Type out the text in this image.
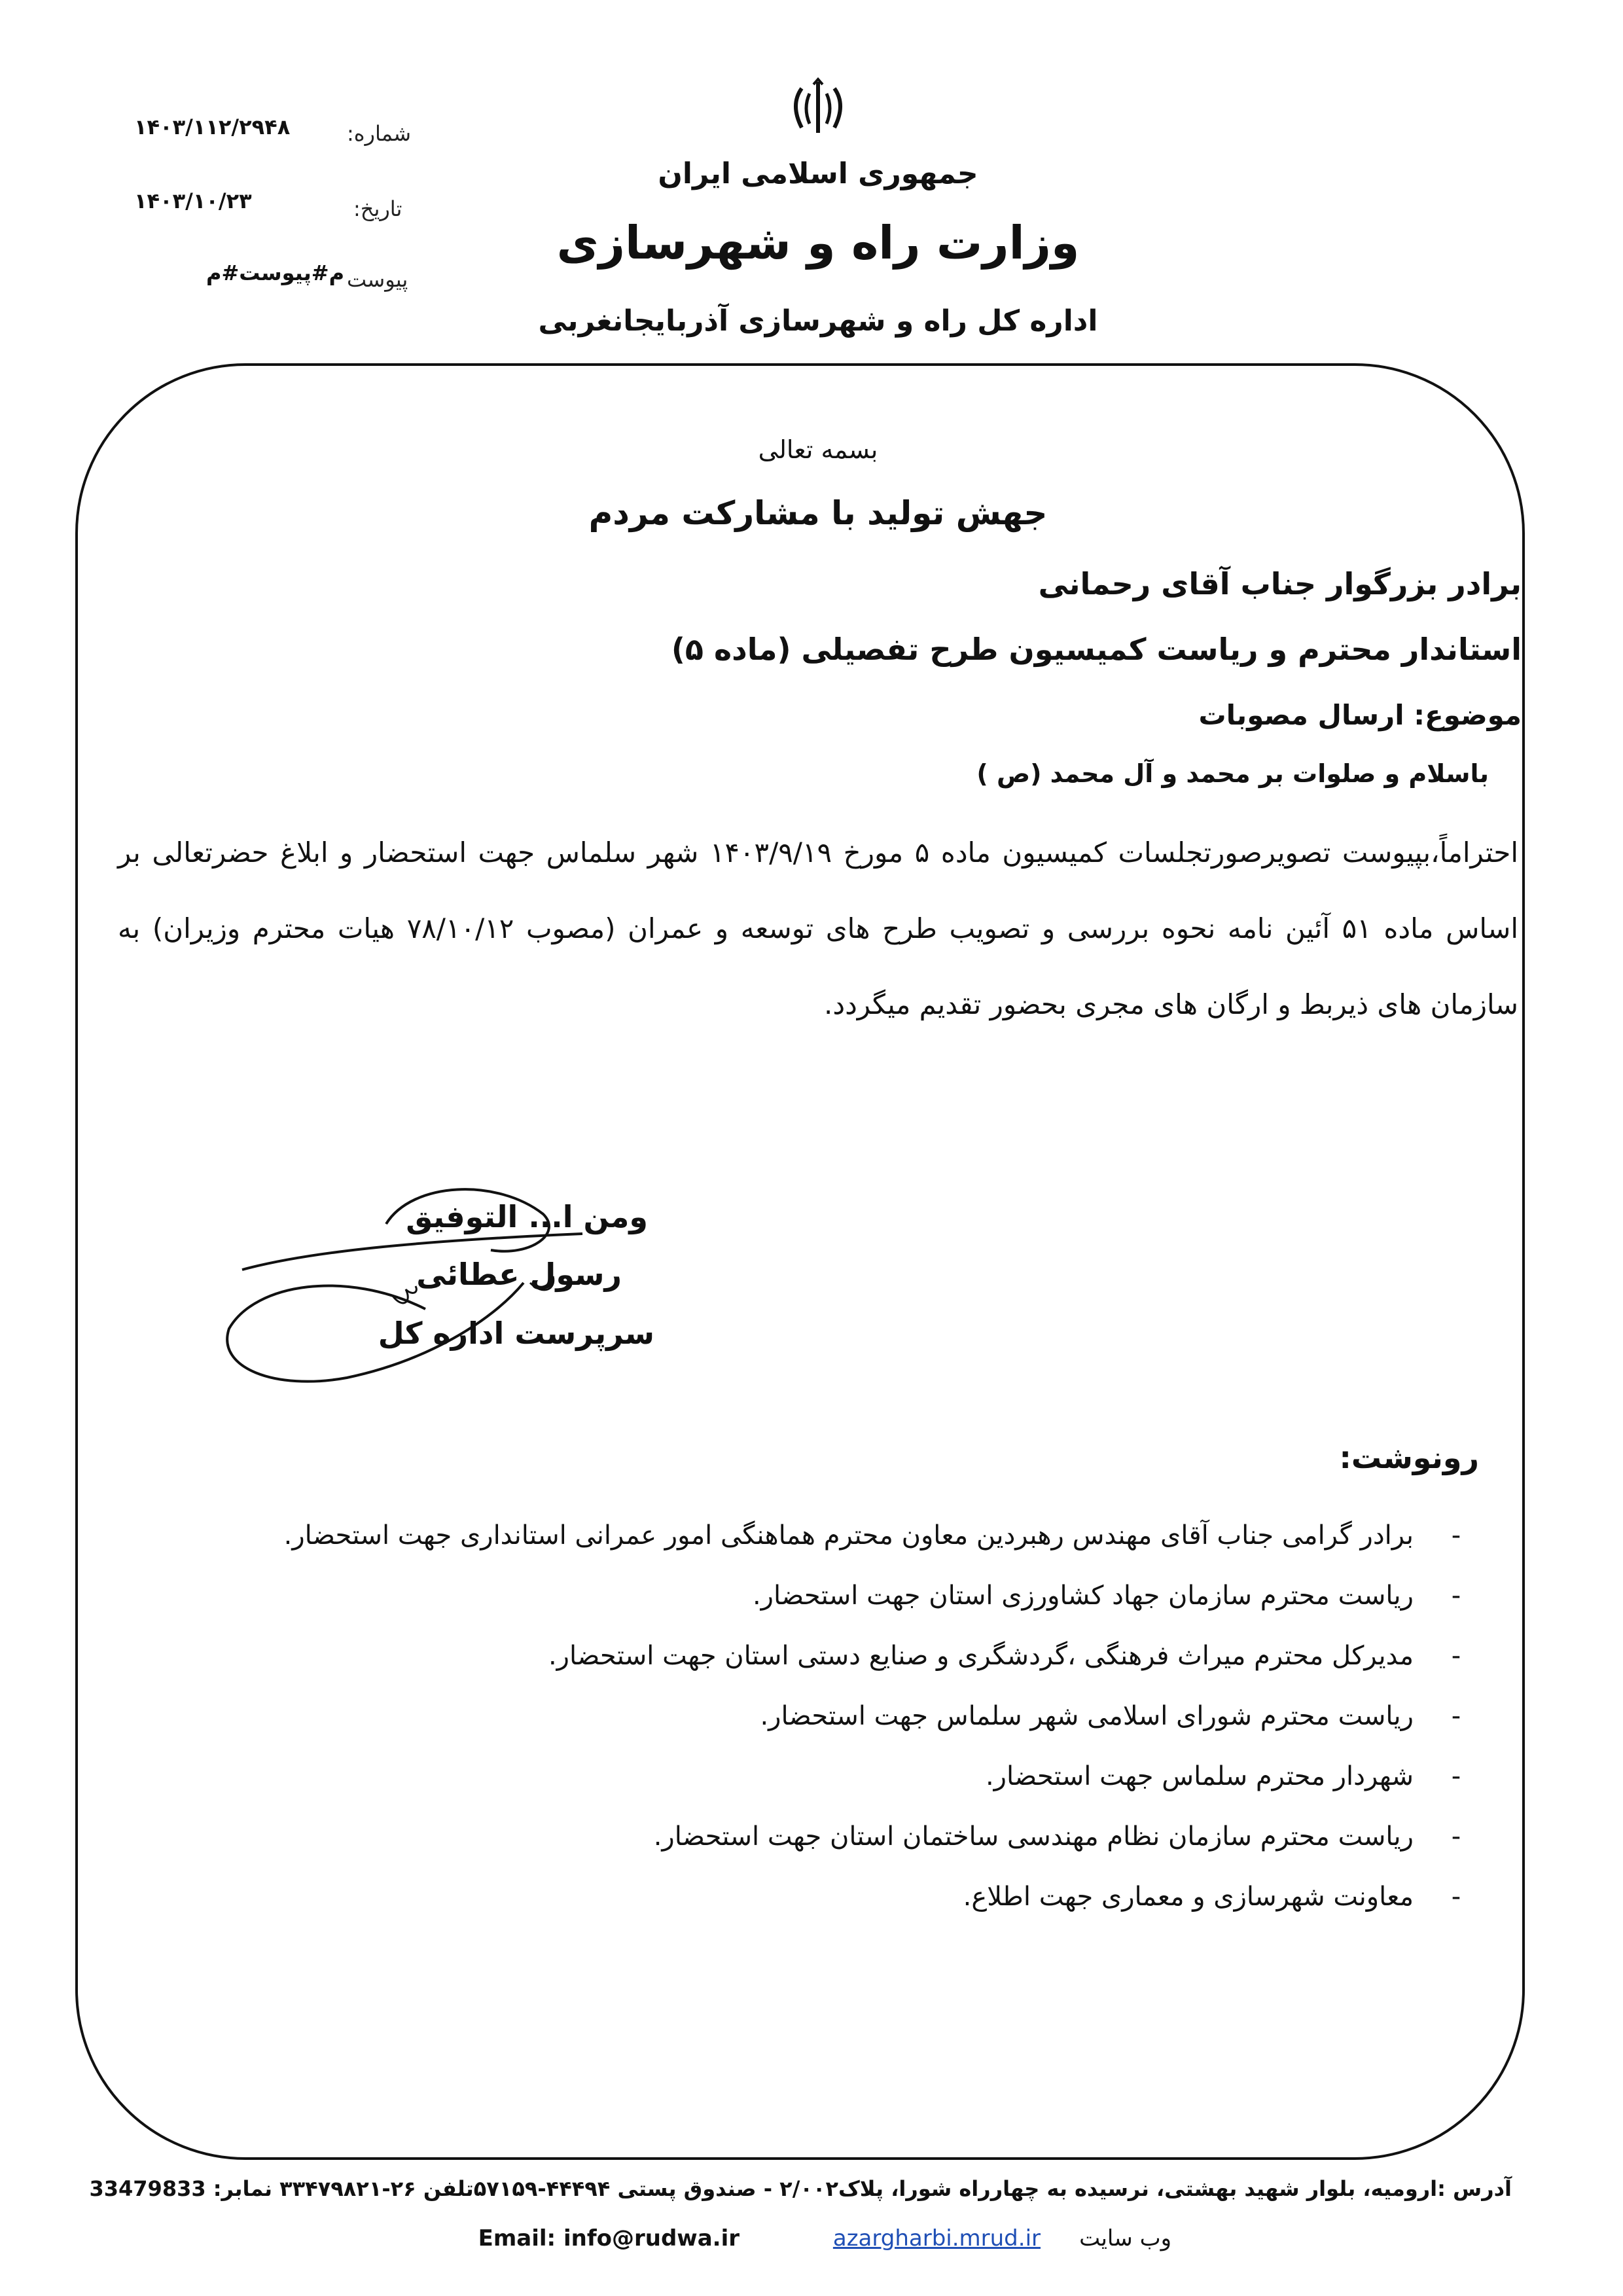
شماره:
۱۴۰۳/۱۱۲/۲۹۴۸
تاریخ:
۱۴۰۳/۱۰/۲۳
پیوست
م#پیوست#م
جمهوری اسلامی ایران
وزارت راه و شهرسازی
اداره کل راه و شهرسازی آذربایجانغربی
بسمه تعالی
جهش تولید با مشارکت مردم
برادر بزرگوار جناب آقای رحمانی
استاندار محترم و ریاست کمیسیون طرح تفصیلی (ماده ۵)
موضوع: ارسال مصوبات
باسلام و صلوات بر محمد و آل محمد (ص )
احتراماً،بپیوست تصویرصورتجلسات کمیسیون ماده ۵ مورخ ۱۴۰۳/۹/۱۹ شهر سلماس جهت استحضار و ابلاغ حضرتعالی بر اساس ماده ۵۱ آئین نامه نحوه بررسی و تصویب طرح های توسعه و عمران (مصوب ۷۸/۱۰/۱۲ هیات محترم وزیران) به سازمان های ذیربط و ارگان های مجری بحضور تقدیم میگردد.
ومن ا... التوفیق
رسول عطائی
سرپرست اداره کل
رونوشت:
-برادر گرامی جناب آقای مهندس رهبردین معاون محترم هماهنگی امور عمرانی استانداری جهت استحضار.
-ریاست محترم سازمان جهاد کشاورزی استان جهت استحضار.
-مدیرکل محترم میراث فرهنگی ،گردشگری و صنایع دستی استان جهت استحضار.
-ریاست محترم شورای اسلامی شهر سلماس جهت استحضار.
-شهردار محترم سلماس جهت استحضار.
-ریاست محترم سازمان نظام مهندسی ساختمان استان جهت استحضار.
-معاونت شهرسازی و معماری جهت اطلاع.
آدرس :ارومیه، بلوار شهید بهشتی، نرسیده به چهارراه شورا، پلاک۲/۰۰۲ - صندوق پستی ۴۴۴۹۴-۵۷۱۵۹تلفن ۲۶-۳۳۴۷۹۸۲۱ نمابر: 33479833
وب سایت
azargharbi.mrud.ir
Email: info@rudwa.ir
